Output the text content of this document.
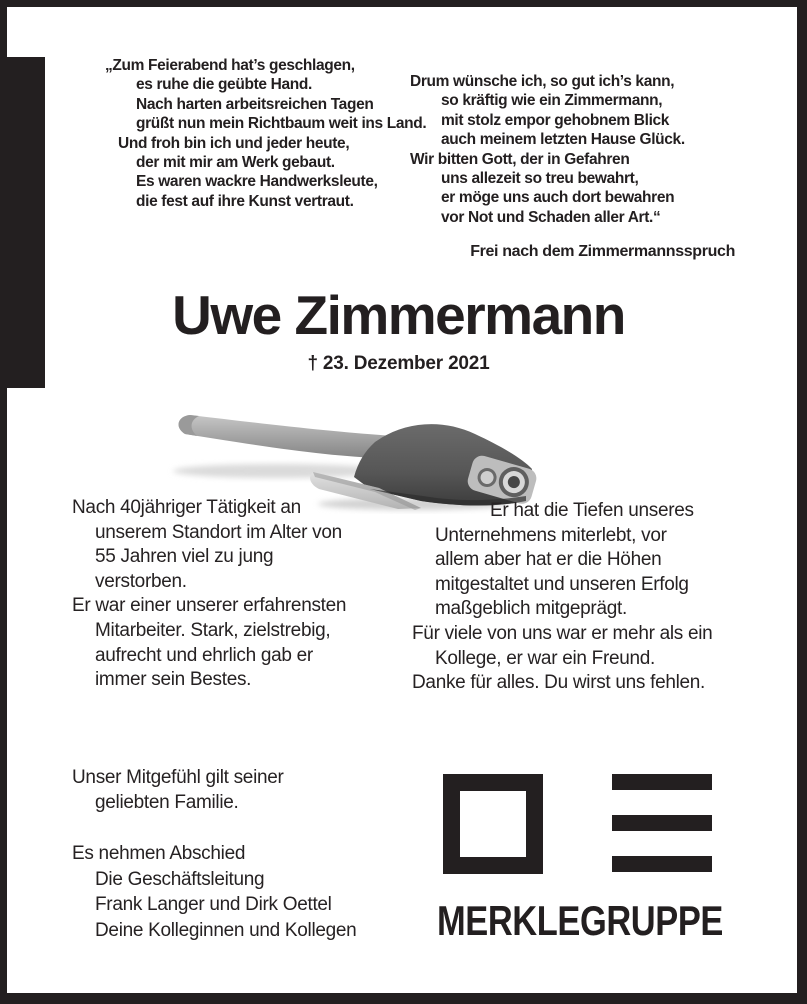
„Zum Feierabend hat’s geschlagen,
es ruhe die geübte Hand.
Nach harten arbeitsreichen Tagen
grüßt nun mein Richtbaum weit ins Land.
Und froh bin ich und jeder heute,
der mit mir am Werk gebaut.
Es waren wackre Handwerksleute,
die fest auf ihre Kunst vertraut.
Drum wünsche ich, so gut ich’s kann,
so kräftig wie ein Zimmermann,
mit stolz empor gehobnem Blick
auch meinem letzten Hause Glück.
Wir bitten Gott, der in Gefahren
uns allezeit so treu bewahrt,
er möge uns auch dort bewahren
vor Not und Schaden aller Art.“
Frei nach dem Zimmermannsspruch
Uwe Zimmermann
† 23. Dezember 2021
Nach 40jähriger Tätigkeit an
unserem Standort im Alter von
55 Jahren viel zu jung
verstorben.
Er war einer unserer erfahrensten
Mitarbeiter. Stark, zielstrebig,
aufrecht und ehrlich gab er
immer sein Bestes.
Er hat die Tiefen unseres
Unternehmens miterlebt, vor
allem aber hat er die Höhen
mitgestaltet und unseren Erfolg
maßgeblich mitgeprägt.
Für viele von uns war er mehr als ein
Kollege, er war ein Freund.
Danke für alles. Du wirst uns fehlen.
Unser Mitgefühl gilt seiner
geliebten Familie.
Es nehmen Abschied
Die Geschäftsleitung
Frank Langer und Dirk Oettel
Deine Kolleginnen und Kollegen MERKLEGRUPPE
